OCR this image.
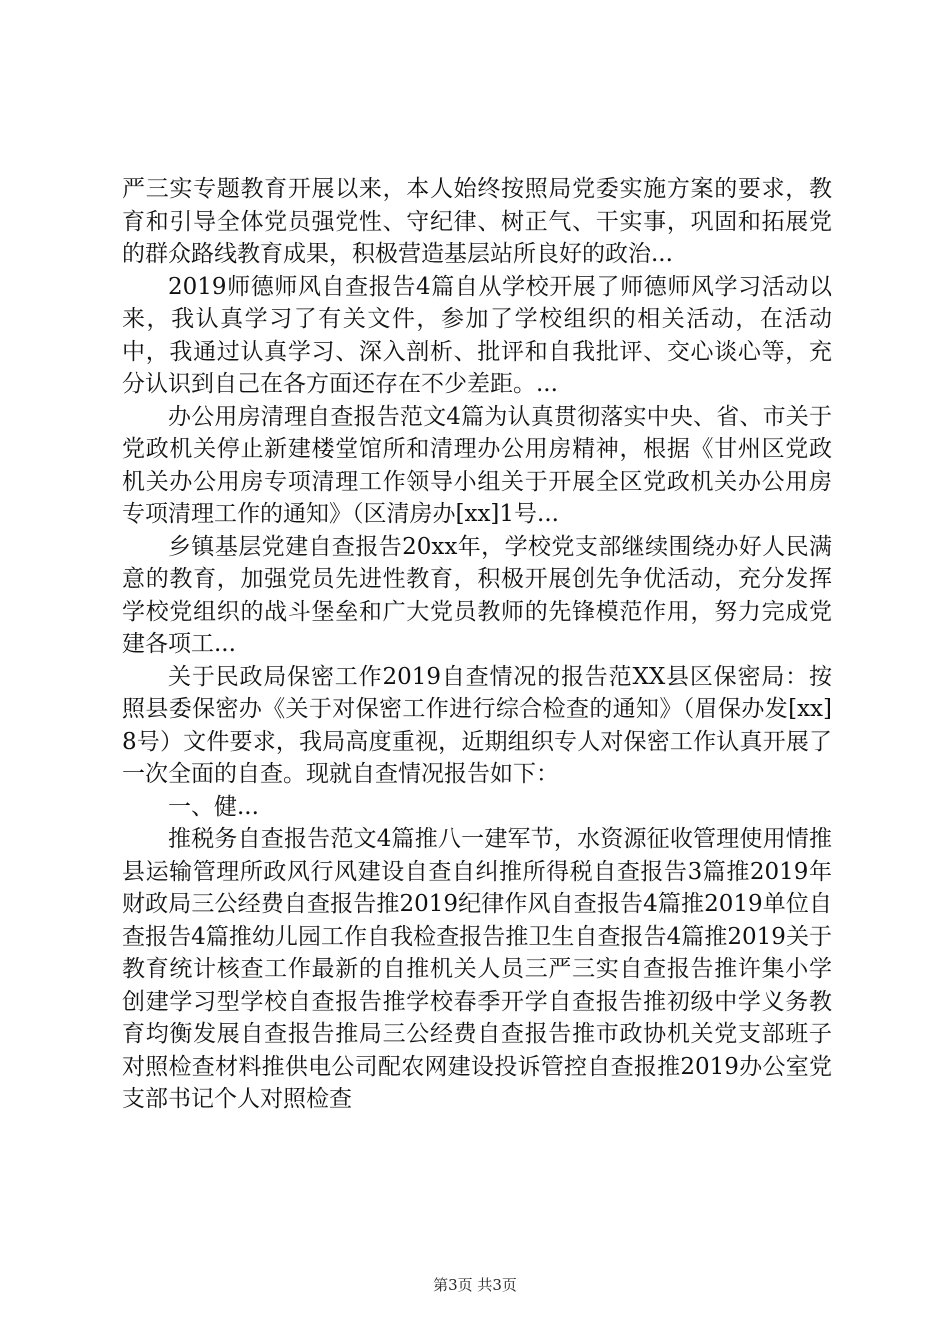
严三实专题教育开展以来，本人始终按照局党委实施方案的要求，教育和引导全体党员强党性、守纪律、树正气、干实事，巩固和拓展党的群众路线教育成果，积极营造基层站所良好的政治...

2019师德师风自查报告4篇自从学校开展了师德师风学习活动以来，我认真学习了有关文件，参加了学校组织的相关活动，在活动中，我通过认真学习、深入剖析、批评和自我批评、交心谈心等，充分认识到自己在各方面还存在不少差距。...

办公用房清理自查报告范文4篇为认真贯彻落实中央、省、市关于党政机关停止新建楼堂馆所和清理办公用房精神，根据《甘州区党政机关办公用房专项清理工作领导小组关于开展全区党政机关办公用房专项清理工作的通知》（区清房办[xx]1号...

乡镇基层党建自查报告20xx年，学校党支部继续围绕办好人民满意的教育，加强党员先进性教育，积极开展创先争优活动，充分发挥学校党组织的战斗堡垒和广大党员教师的先锋模范作用，努力完成党建各项工...

关于民政局保密工作2019自查情况的报告范XX县区保密局：按照县委保密办《关于对保密工作进行综合检查的通知》（眉保办发[xx]8号）文件要求，我局高度重视，近期组织专人对保密工作认真开展了一次全面的自查。现就自查情况报告如下：

一、健...

推税务自查报告范文4篇推八一建军节，水资源征收管理使用情推县运输管理所政风行风建设自查自纠推所得税自查报告3篇推2019年财政局三公经费自查报告推2019纪律作风自查报告4篇推2019单位自查报告4篇推幼儿园工作自我检查报告推卫生自查报告4篇推2019关于教育统计核查工作最新的自推机关人员三严三实自查报告推许集小学创建学习型学校自查报告推学校春季开学自查报告推初级中学义务教育均衡发展自查报告推局三公经费自查报告推市政协机关党支部班子对照检查材料推供电公司配农网建设投诉管控自查报推2019办公室党支部书记个人对照检查

第3页 共3页
